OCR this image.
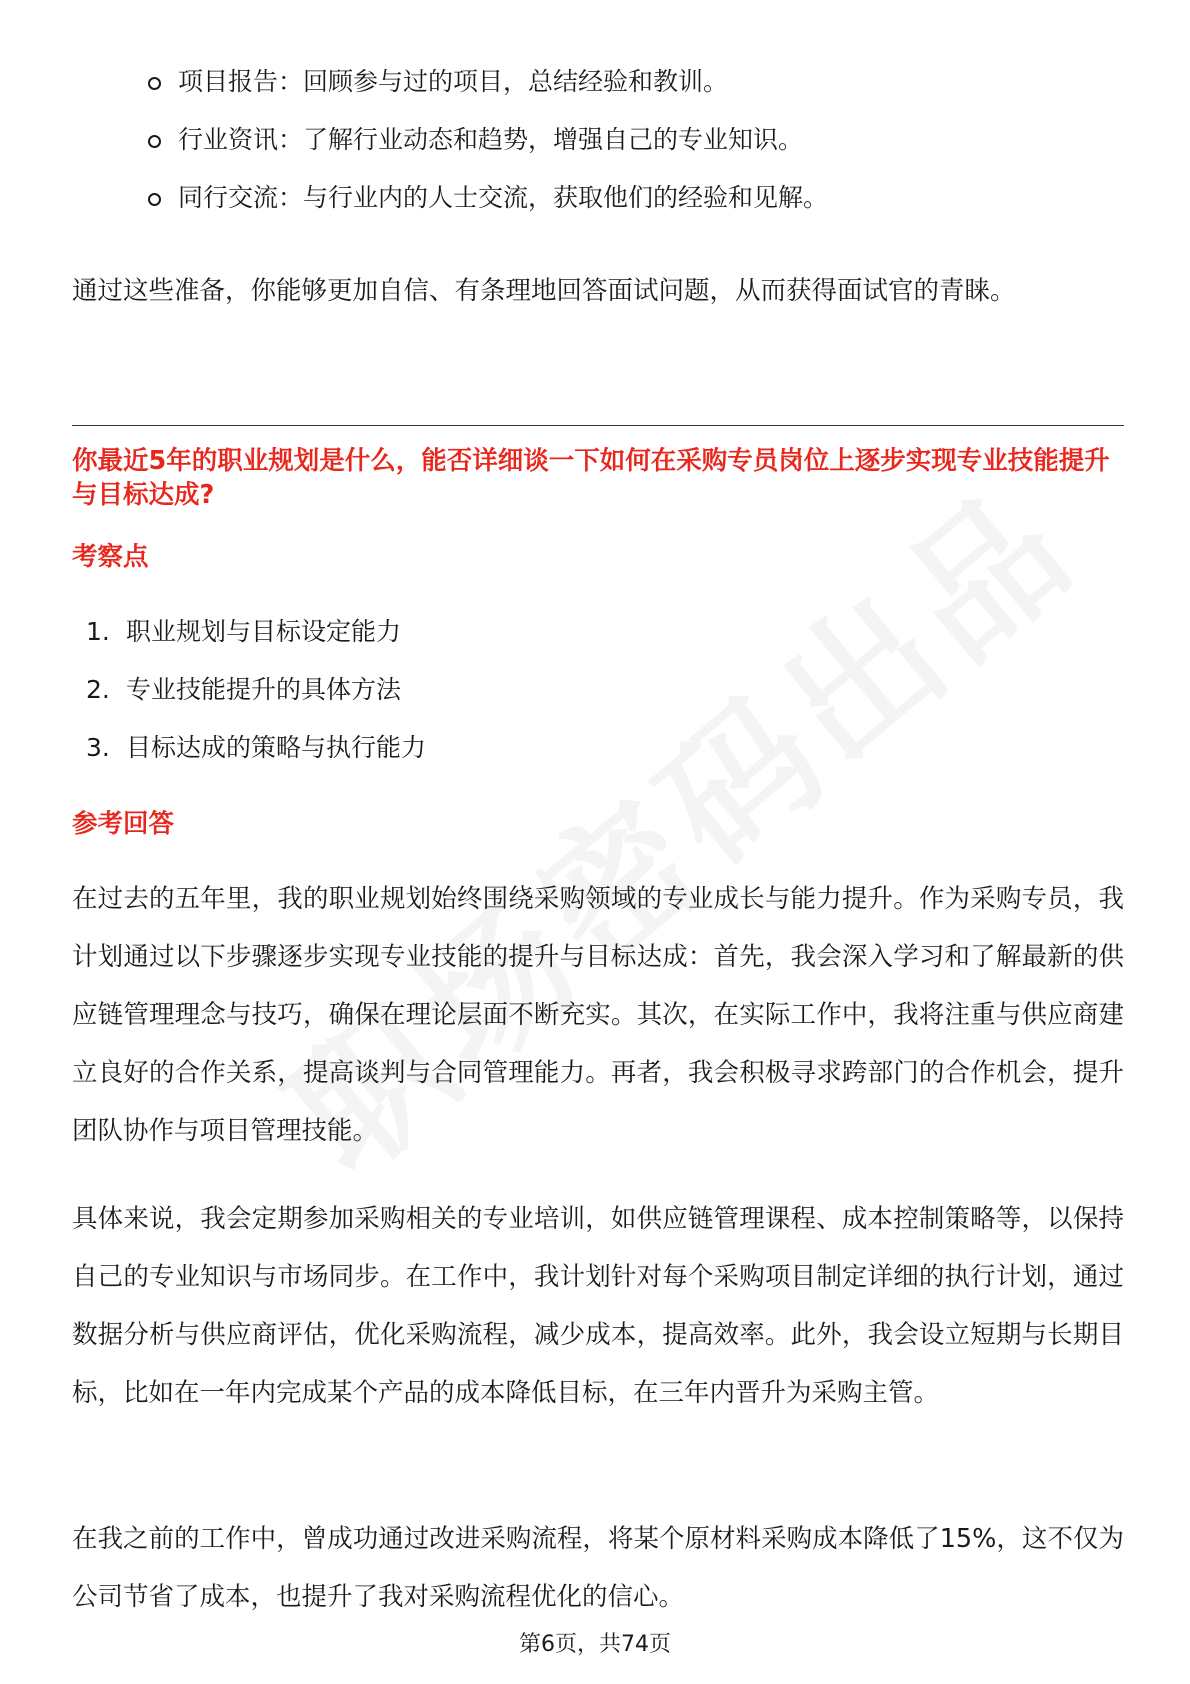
项目报告：回顾参与过的项目，总结经验和教训。
行业资讯：了解行业动态和趋势，增强自己的专业知识。
同行交流：与行业内的人士交流，获取他们的经验和见解。

通过这些准备，你能够更加自信、有条理地回答面试问题，从而获得面试官的青睐。

你最近5年的职业规划是什么，能否详细谈一下如何在采购专员岗位上逐步实现专业技能提升与目标达成?

考察点

1. 职业规划与目标设定能力
2. 专业技能提升的具体方法
3. 目标达成的策略与执行能力

参考回答

在过去的五年里，我的职业规划始终围绕采购领域的专业成长与能力提升。作为采购专员，我计划通过以下步骤逐步实现专业技能的提升与目标达成：首先，我会深入学习和了解最新的供应链管理理念与技巧，确保在理论层面不断充实。其次，在实际工作中，我将注重与供应商建立良好的合作关系，提高谈判与合同管理能力。再者，我会积极寻求跨部门的合作机会，提升团队协作与项目管理技能。

具体来说，我会定期参加采购相关的专业培训，如供应链管理课程、成本控制策略等，以保持自己的专业知识与市场同步。在工作中，我计划针对每个采购项目制定详细的执行计划，通过数据分析与供应商评估，优化采购流程，减少成本，提高效率。此外，我会设立短期与长期目标，比如在一年内完成某个产品的成本降低目标，在三年内晋升为采购主管。

在我之前的工作中，曾成功通过改进采购流程，将某个原材料采购成本降低了15%，这不仅为公司节省了成本，也提升了我对采购流程优化的信心。

第6页，共74页
